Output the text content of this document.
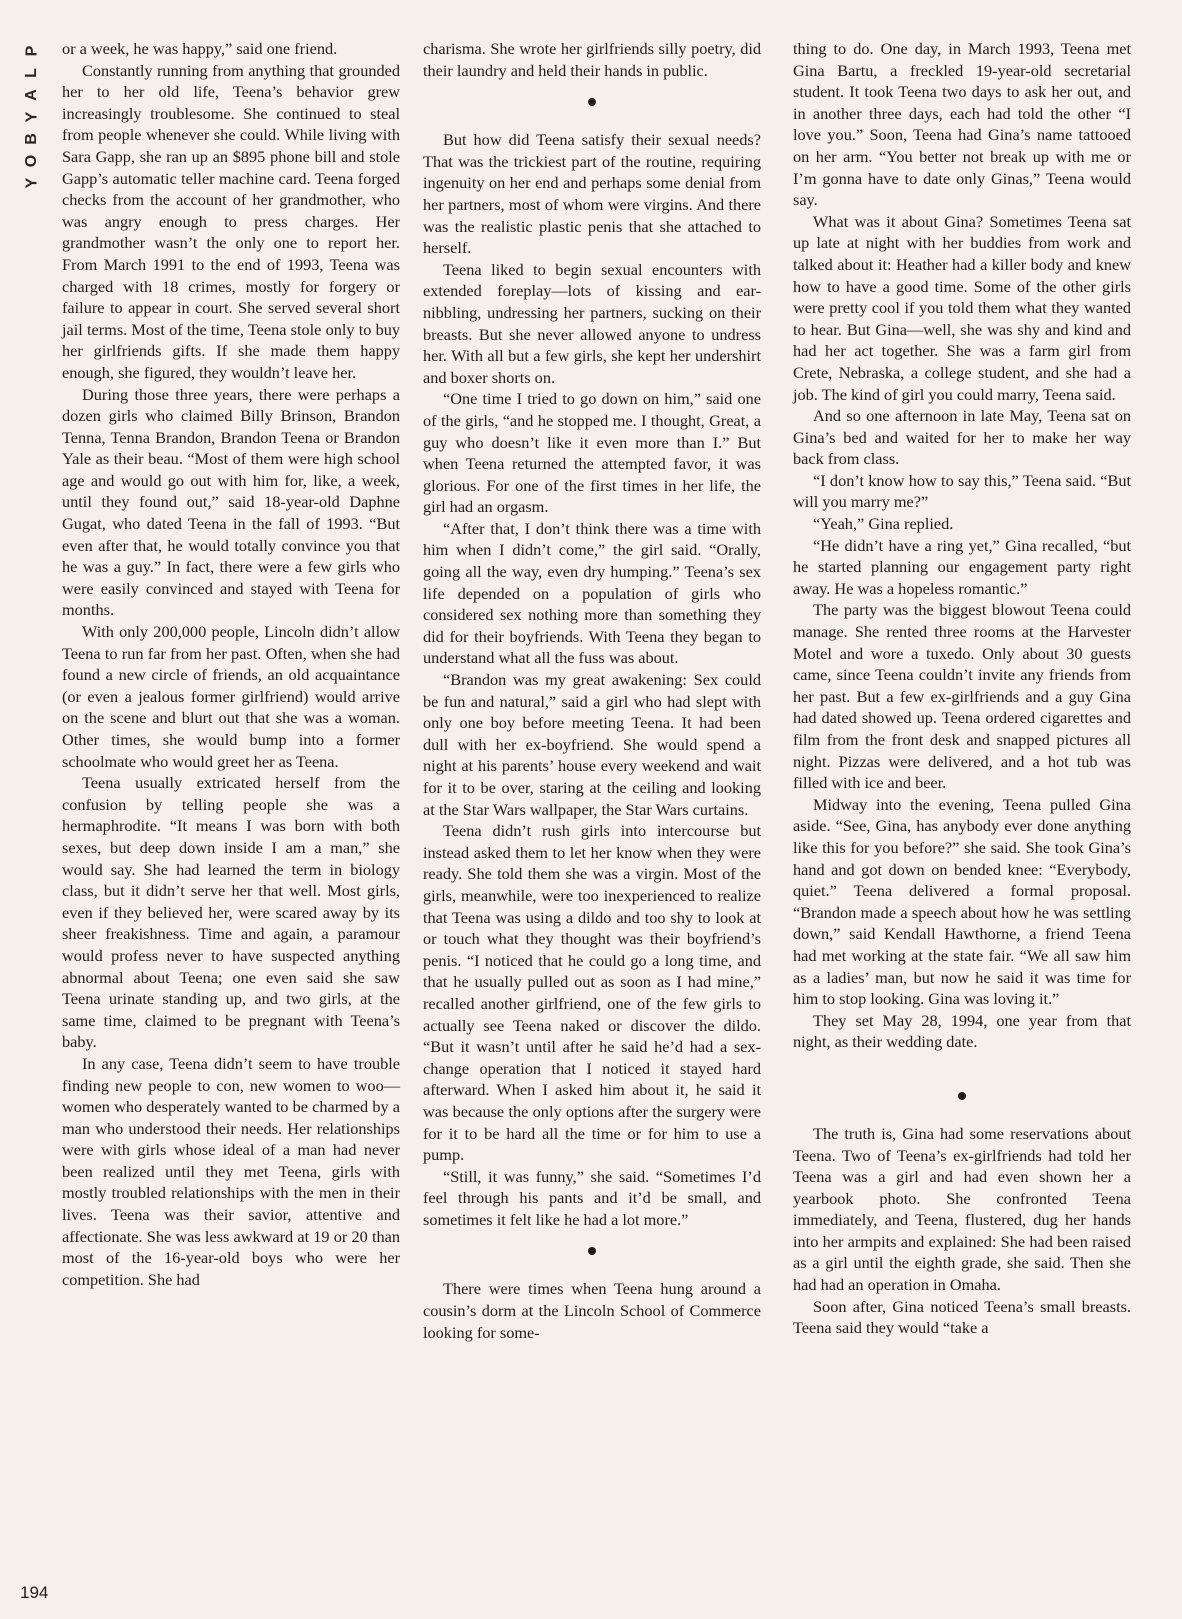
P
L
A
Y
B
O
Y

or a week, he was happy,” said one friend.

Constantly running from anything that grounded her to her old life, Teena’s behavior grew increasingly troublesome. She continued to steal from people whenever she could. While living with Sara Gapp, she ran up an $895 phone bill and stole Gapp’s automatic teller machine card. Teena forged checks from the account of her grandmother, who was angry enough to press charges. Her grandmother wasn’t the only one to report her. From March 1991 to the end of 1993, Teena was charged with 18 crimes, mostly for forgery or failure to appear in court. She served several short jail terms. Most of the time, Teena stole only to buy her girlfriends gifts. If she made them happy enough, she figured, they wouldn’t leave her.

During those three years, there were perhaps a dozen girls who claimed Billy Brinson, Brandon Tenna, Tenna Brandon, Brandon Teena or Brandon Yale as their beau. “Most of them were high school age and would go out with him for, like, a week, until they found out,” said 18-year-old Daphne Gugat, who dated Teena in the fall of 1993. “But even after that, he would totally convince you that he was a guy.” In fact, there were a few girls who were easily convinced and stayed with Teena for months.

With only 200,000 people, Lincoln didn’t allow Teena to run far from her past. Often, when she had found a new circle of friends, an old acquaintance (or even a jealous former girlfriend) would arrive on the scene and blurt out that she was a woman. Other times, she would bump into a former schoolmate who would greet her as Teena.

Teena usually extricated herself from the confusion by telling people she was a hermaphrodite. “It means I was born with both sexes, but deep down inside I am a man,” she would say. She had learned the term in biology class, but it didn’t serve her that well. Most girls, even if they believed her, were scared away by its sheer freakishness. Time and again, a paramour would profess never to have suspected anything abnormal about Teena; one even said she saw Teena urinate standing up, and two girls, at the same time, claimed to be pregnant with Teena’s baby.

In any case, Teena didn’t seem to have trouble finding new people to con, new women to woo—women who desperately wanted to be charmed by a man who understood their needs. Her relationships were with girls whose ideal of a man had never been realized until they met Teena, girls with mostly troubled relationships with the men in their lives. Teena was their savior, attentive and affectionate. She was less awkward at 19 or 20 than most of the 16-year-old boys who were her competition. She had

charisma. She wrote her girlfriends silly poetry, did their laundry and held their hands in public.

But how did Teena satisfy their sexual needs? That was the trickiest part of the routine, requiring ingenuity on her end and perhaps some denial from her partners, most of whom were virgins. And there was the realistic plastic penis that she attached to herself.

Teena liked to begin sexual encounters with extended foreplay—lots of kissing and ear-nibbling, undressing her partners, sucking on their breasts. But she never allowed anyone to undress her. With all but a few girls, she kept her undershirt and boxer shorts on.

“One time I tried to go down on him,” said one of the girls, “and he stopped me. I thought, Great, a guy who doesn’t like it even more than I.” But when Teena returned the attempted favor, it was glorious. For one of the first times in her life, the girl had an orgasm.

“After that, I don’t think there was a time with him when I didn’t come,” the girl said. “Orally, going all the way, even dry humping.” Teena’s sex life depended on a population of girls who considered sex nothing more than something they did for their boyfriends. With Teena they began to understand what all the fuss was about.

“Brandon was my great awakening: Sex could be fun and natural,” said a girl who had slept with only one boy before meeting Teena. It had been dull with her ex-boyfriend. She would spend a night at his parents’ house every weekend and wait for it to be over, staring at the ceiling and looking at the Star Wars wallpaper, the Star Wars curtains.

Teena didn’t rush girls into intercourse but instead asked them to let her know when they were ready. She told them she was a virgin. Most of the girls, meanwhile, were too inexperienced to realize that Teena was using a dildo and too shy to look at or touch what they thought was their boyfriend’s penis. “I noticed that he could go a long time, and that he usually pulled out as soon as I had mine,” recalled another girlfriend, one of the few girls to actually see Teena naked or discover the dildo. “But it wasn’t until after he said he’d had a sex-change operation that I noticed it stayed hard afterward. When I asked him about it, he said it was because the only options after the surgery were for it to be hard all the time or for him to use a pump.

“Still, it was funny,” she said. “Sometimes I’d feel through his pants and it’d be small, and sometimes it felt like he had a lot more.”

There were times when Teena hung around a cousin’s dorm at the Lincoln School of Commerce looking for some-

thing to do. One day, in March 1993, Teena met Gina Bartu, a freckled 19-year-old secretarial student. It took Teena two days to ask her out, and in another three days, each had told the other “I love you.” Soon, Teena had Gina’s name tattooed on her arm. “You better not break up with me or I’m gonna have to date only Ginas,” Teena would say.

What was it about Gina? Sometimes Teena sat up late at night with her buddies from work and talked about it: Heather had a killer body and knew how to have a good time. Some of the other girls were pretty cool if you told them what they wanted to hear. But Gina—well, she was shy and kind and had her act together. She was a farm girl from Crete, Nebraska, a college student, and she had a job. The kind of girl you could marry, Teena said.

And so one afternoon in late May, Teena sat on Gina’s bed and waited for her to make her way back from class.

“I don’t know how to say this,” Teena said. “But will you marry me?”

“Yeah,” Gina replied.

“He didn’t have a ring yet,” Gina recalled, “but he started planning our engagement party right away. He was a hopeless romantic.”

The party was the biggest blowout Teena could manage. She rented three rooms at the Harvester Motel and wore a tuxedo. Only about 30 guests came, since Teena couldn’t invite any friends from her past. But a few ex-girlfriends and a guy Gina had dated showed up. Teena ordered cigarettes and film from the front desk and snapped pictures all night. Pizzas were delivered, and a hot tub was filled with ice and beer.

Midway into the evening, Teena pulled Gina aside. “See, Gina, has anybody ever done anything like this for you before?” she said. She took Gina’s hand and got down on bended knee: “Everybody, quiet.” Teena delivered a formal proposal. “Brandon made a speech about how he was settling down,” said Kendall Hawthorne, a friend Teena had met working at the state fair. “We all saw him as a ladies’ man, but now he said it was time for him to stop looking. Gina was loving it.”

They set May 28, 1994, one year from that night, as their wedding date.

The truth is, Gina had some reservations about Teena. Two of Teena’s ex-girlfriends had told her Teena was a girl and had even shown her a yearbook photo. She confronted Teena immediately, and Teena, flustered, dug her hands into her armpits and explained: She had been raised as a girl until the eighth grade, she said. Then she had had an operation in Omaha.

Soon after, Gina noticed Teena’s small breasts. Teena said they would “take a

194
